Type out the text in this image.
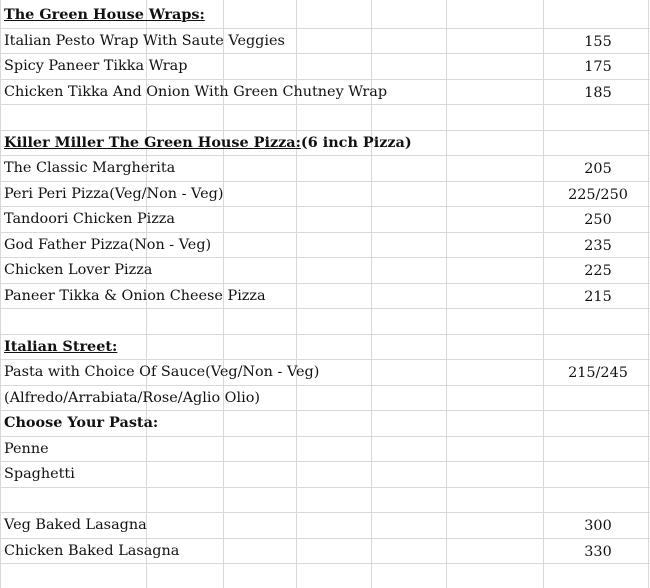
The Green House Wraps:
Italian Pesto Wrap With Saute Veggies	155
Spicy Paneer Tikka Wrap	175
Chicken Tikka And Onion With Green Chutney Wrap	185
Killer Miller The Green House Pizza:(6 inch Pizza)
The Classic Margherita	205
Peri Peri Pizza(Veg/Non - Veg)	225/250
Tandoori Chicken Pizza	250
God Father Pizza(Non - Veg)	235
Chicken Lover Pizza	225
Paneer Tikka & Onion Cheese Pizza	215
Italian Street:
Pasta with Choice Of Sauce(Veg/Non - Veg)	215/245
(Alfredo/Arrabiata/Rose/Aglio Olio)
Choose Your Pasta:
Penne
Spaghetti
Veg Baked Lasagna	300
Chicken Baked Lasagna	330
